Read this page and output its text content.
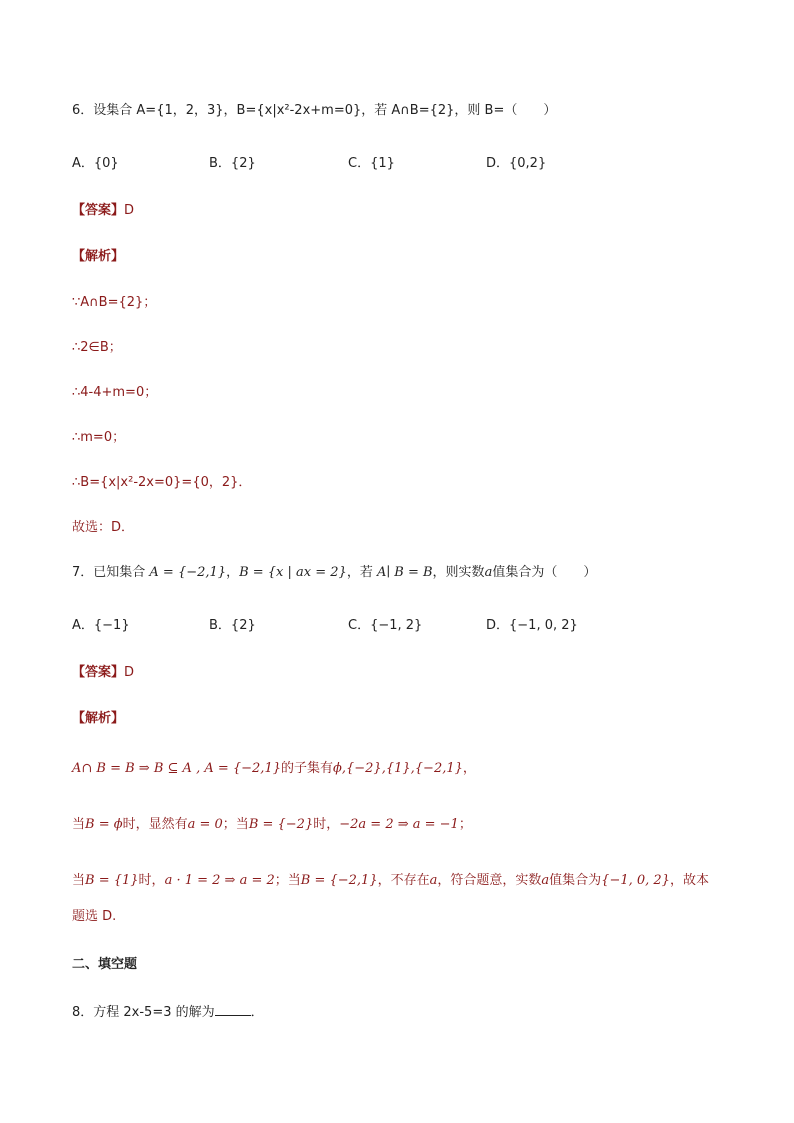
6．设集合 A={1，2，3}，B={x|x²-2x+m=0}，若 A∩B={2}，则 B=（　　）
A．{0}	B．{2}	C．{1}	D．{0,2}
【答案】D
【解析】
∵A∩B={2}；
∴2∈B；
∴4-4+m=0；
∴m=0；
∴B={x|x²-2x=0}={0，2}．
故选：D．
7．已知集合 A = {−2,1}，B = {x | ax = 2}，若 A∣ B = B，则实数a值集合为（　　）
A．{−1}	B．{2}	C．{−1, 2}	D．{−1, 0, 2}
【答案】D
【解析】
A∩ B = B ⇒ B ⊆ A , A = {−2,1}的子集有ϕ,{−2},{1},{−2,1}，
当B = ϕ时，显然有a = 0；当B = {−2}时，−2a = 2 ⇒ a = −1；
当B = {1}时，a · 1 = 2 ⇒ a = 2；当B = {−2,1}，不存在a，符合题意，实数a值集合为{−1, 0, 2}，故本
题选 D.
二、填空题
8．方程 2x-5=3 的解为	．
